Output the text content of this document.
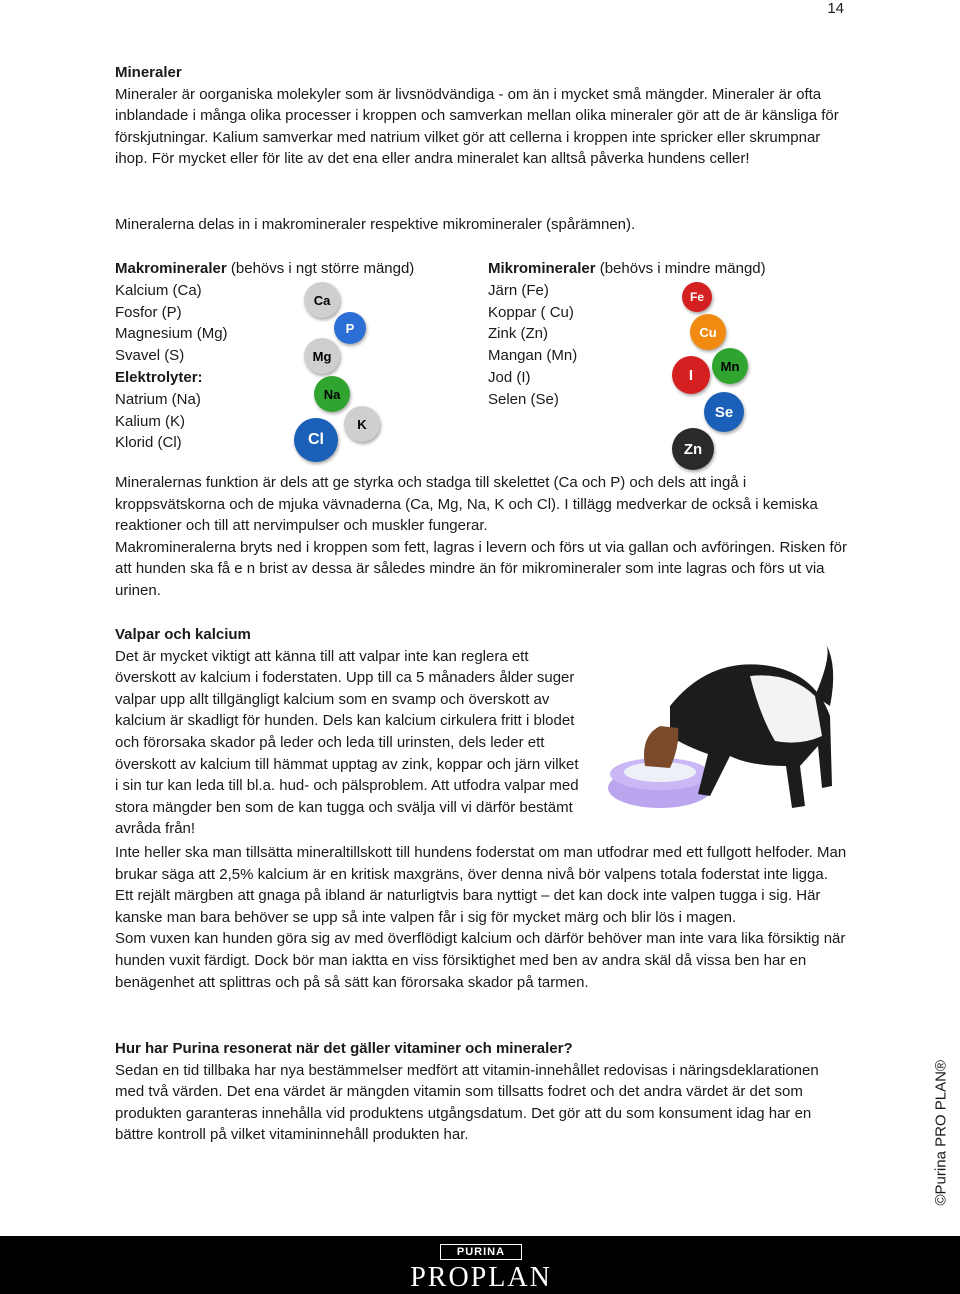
14

Mineraler

Mineraler är oorganiska molekyler som är livsnödvändiga - om än i mycket små mängder. Mineraler är ofta inblandade i många olika processer i kroppen och samverkan mellan olika mineraler gör att de är känsliga för förskjutningar. Kalium samverkar med natrium vilket gör att cellerna i kroppen inte spricker eller skrumpnar ihop. För mycket eller för lite av det ena eller andra mineralet kan alltså påverka hundens celler!

Mineralerna delas in i makromineraler respektive mikromineraler (spårämnen).

Makromineraler (behövs i ngt större mängd)
Kalcium (Ca)
Fosfor (P)
Magnesium (Mg)
Svavel (S)
Elektrolyter:
Natrium (Na)
Kalium (K)
Klorid (Cl)
Ca
P
Mg
Na
K
Cl
Mikromineraler (behövs i mindre mängd)
Järn (Fe)
Koppar ( Cu)
Zink (Zn)
Mangan (Mn)
Jod (I)
Selen (Se)
Fe
Cu
Mn
I
Se
Zn

Mineralernas funktion är dels att ge styrka och stadga till skelettet (Ca och P) och dels att ingå i kroppsvätskorna och de mjuka vävnaderna (Ca, Mg, Na, K och Cl). I tillägg medverkar de också i kemiska reaktioner och till att nervimpulser och muskler fungerar.

Makromineralerna bryts ned i kroppen som fett, lagras i levern och förs ut via gallan och avföringen. Risken för att hunden ska få e n brist av dessa är således mindre än för mikromineraler som inte lagras och förs ut via urinen.

Valpar och kalcium

Det är mycket viktigt att känna till att valpar inte kan reglera ett överskott av kalcium i foderstaten. Upp till ca 5 månaders ålder suger valpar upp allt tillgängligt kalcium som en svamp och överskott av kalcium är skadligt för hunden. Dels kan kalcium cirkulera fritt i blodet och förorsaka skador på leder och leda till urinsten, dels leder ett överskott av kalcium till hämmat upptag av zink, koppar och järn vilket i sin tur kan leda till bl.a. hud- och pälsproblem. Att utfodra valpar med stora mängder ben som de kan tugga och svälja vill vi därför bestämt avråda från!

Inte heller ska man tillsätta mineraltillskott till hundens foderstat om man utfodrar med ett fullgott helfoder. Man brukar säga att 2,5% kalcium är en kritisk maxgräns, över denna nivå bör valpens totala foderstat inte ligga. Ett rejält märgben att gnaga på ibland är naturligtvis bara nyttigt – det kan dock inte valpen tugga i sig. Här kanske man bara behöver se upp så inte valpen får i sig för mycket märg och blir lös i magen.

Som vuxen kan hunden göra sig av med överflödigt kalcium och därför behöver man inte vara lika försiktig när hunden vuxit färdigt. Dock bör man iaktta en viss försiktighet med ben av andra skäl då vissa ben har en benägenhet att splittras och på så sätt kan förorsaka skador på tarmen.

Hur har Purina resonerat när det gäller vitaminer och mineraler?

Sedan en tid tillbaka har nya bestämmelser medfört att vitamin-innehållet redovisas i näringsdeklarationen med två värden. Det ena värdet är mängden vitamin som tillsatts fodret och det andra värdet är det som produkten garanteras innehålla vid produktens utgångsdatum. Det gör att du som konsument idag har en bättre kontroll på vilket vitamininnehåll produkten har.	©Purina PRO PLAN®
PURINA
PROPLAN
